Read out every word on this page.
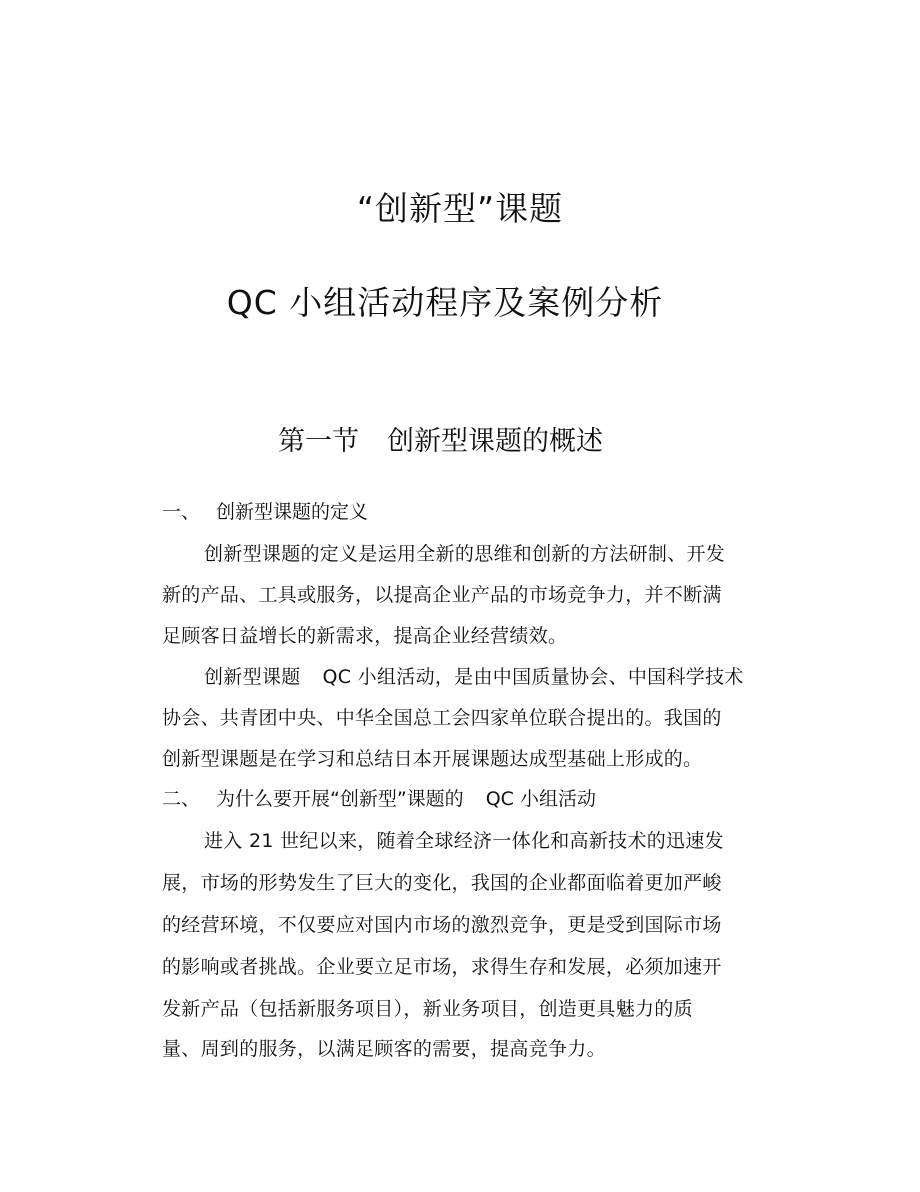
“创新型”课题
QC 小组活动程序及案例分析
第一节 创新型课题的概述
一、 创新型课题的定义

创新型课题的定义是运用全新的思维和创新的方法研制、开发

新的产品、工具或服务，以提高企业产品的市场竞争力，并不断满

足顾客日益增长的新需求，提高企业经营绩效。

创新型课题 QC 小组活动，是由中国质量协会、中国科学技术

协会、共青团中央、中华全国总工会四家单位联合提出的。我国的

创新型课题是在学习和总结日本开展课题达成型基础上形成的。

二、 为什么要开展“创新型”课题的 QC 小组活动

进入 21 世纪以来，随着全球经济一体化和高新技术的迅速发

展，市场的形势发生了巨大的变化，我国的企业都面临着更加严峻

的经营环境，不仅要应对国内市场的激烈竞争，更是受到国际市场

的影响或者挑战。企业要立足市场，求得生存和发展，必须加速开

发新产品（包括新服务项目），新业务项目，创造更具魅力的质

量、周到的服务，以满足顾客的需要，提高竞争力。
